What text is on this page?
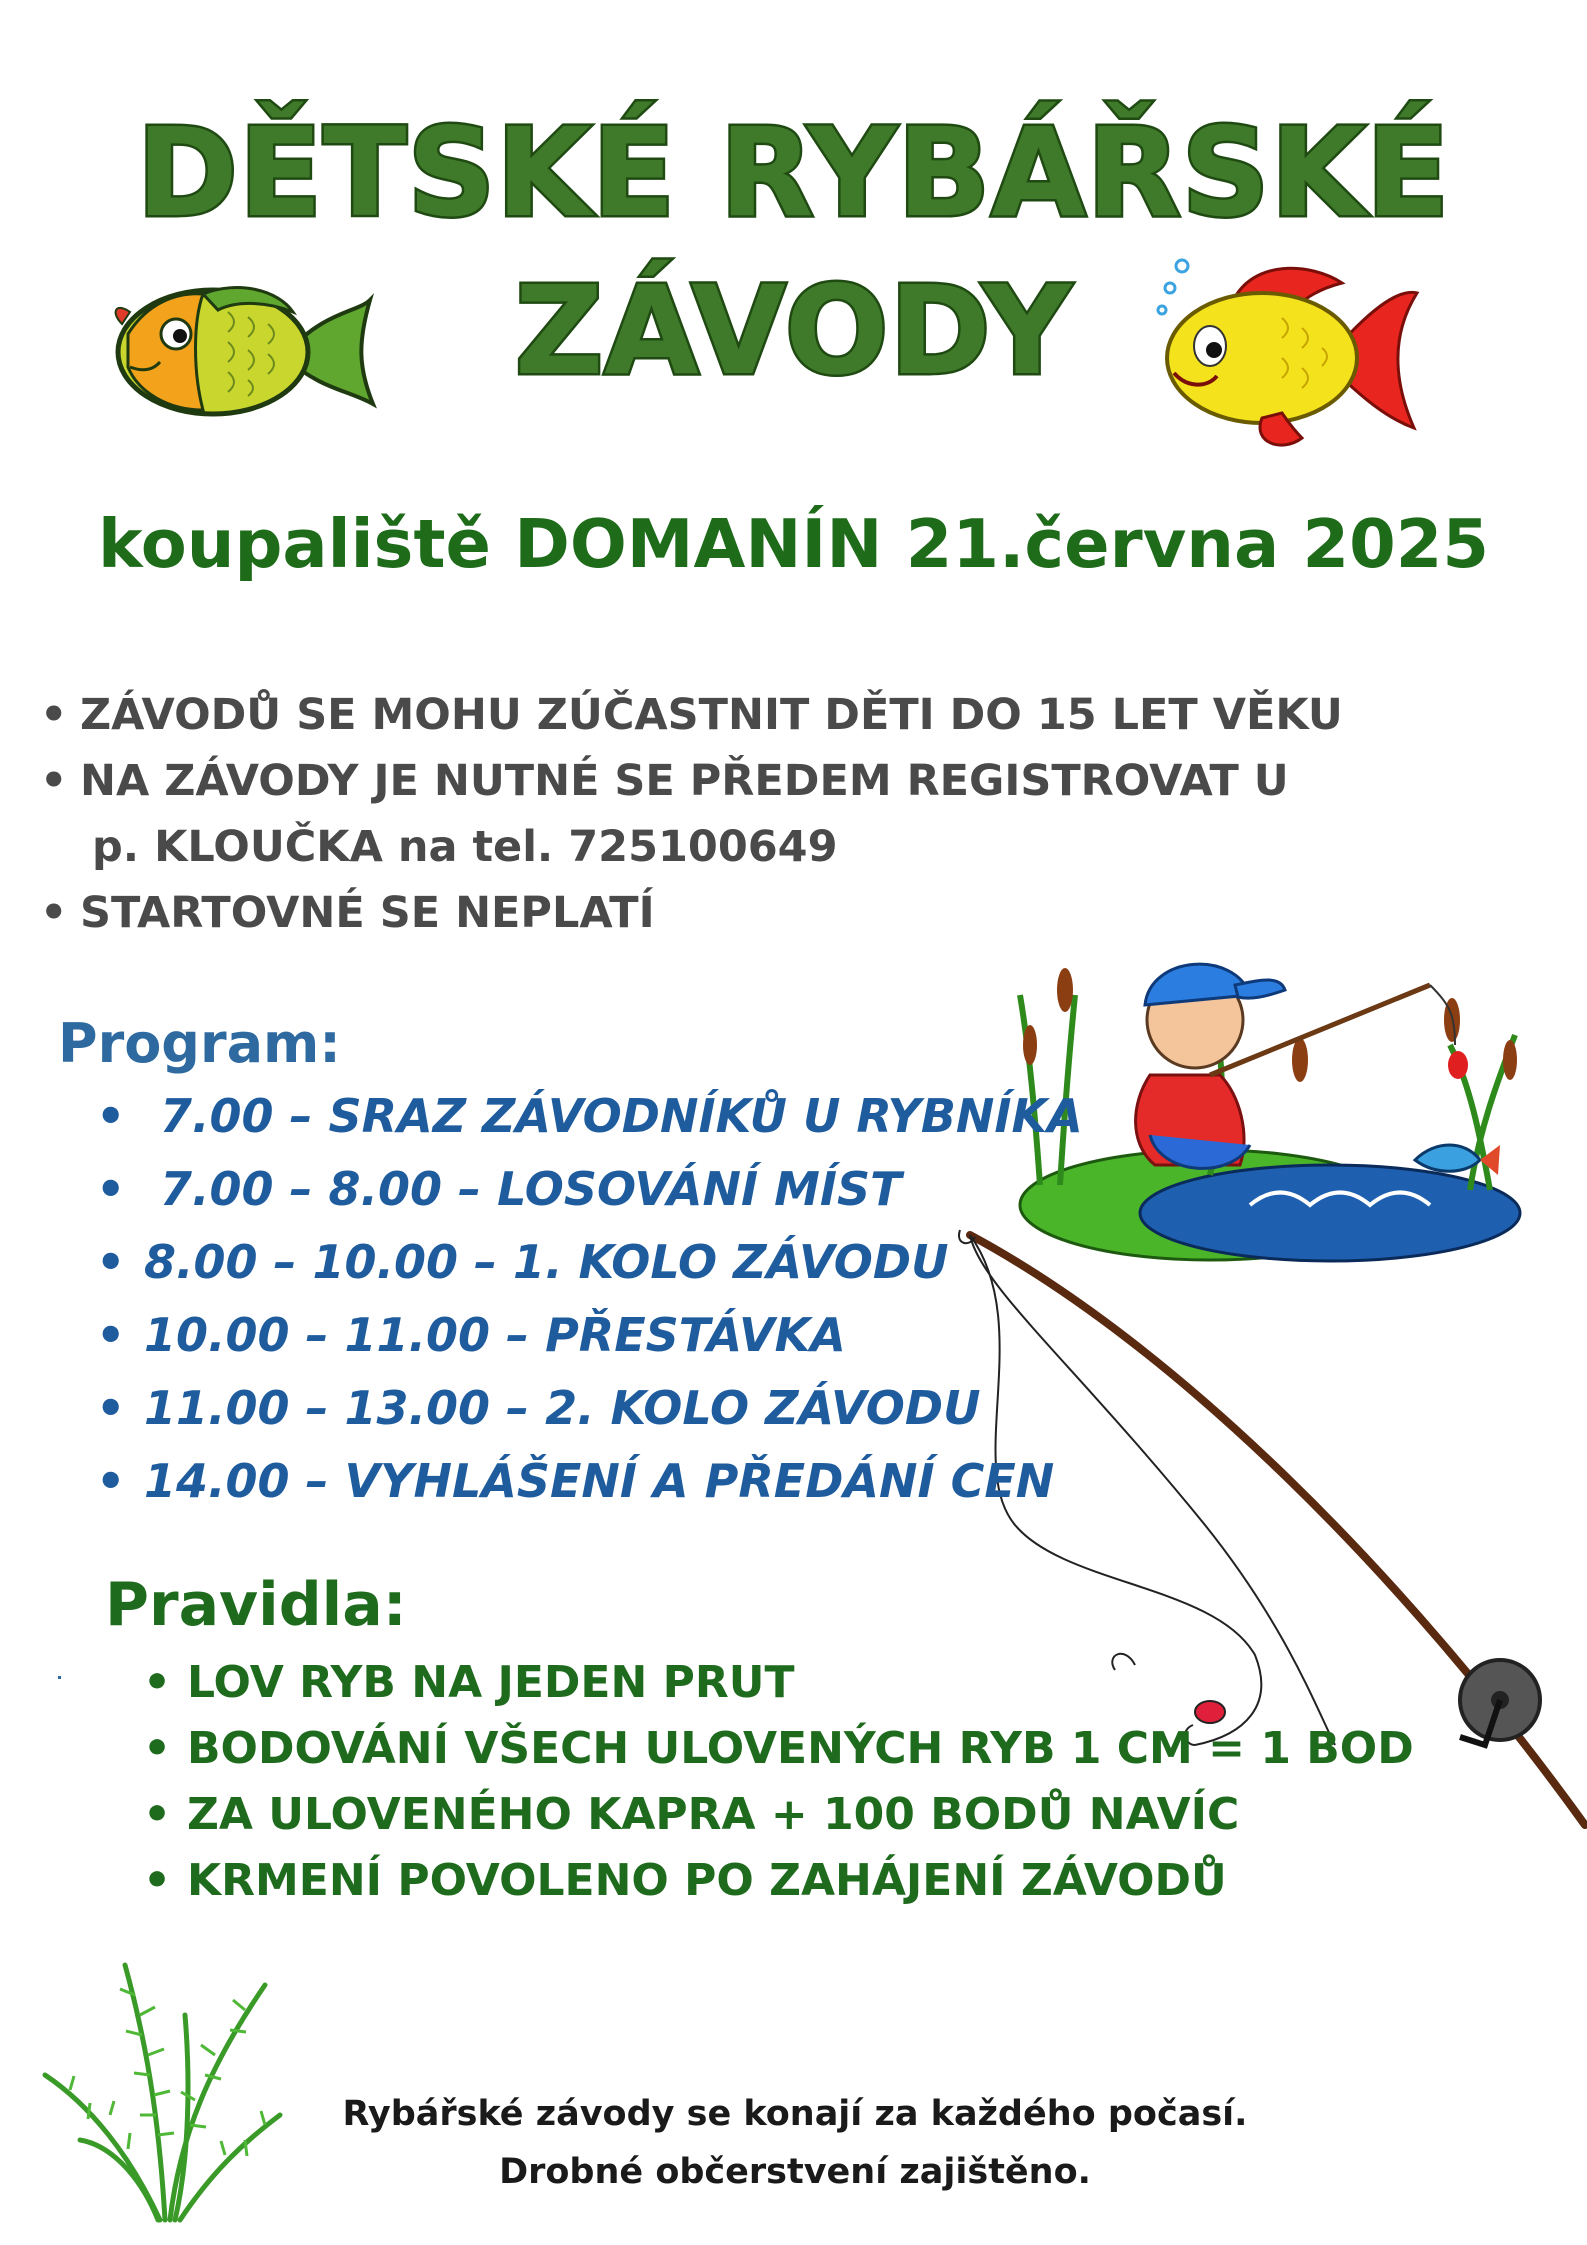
DĚTSKÉ RYBÁŘSKÉ
ZÁVODY
koupaliště DOMANÍN 21.června 2025
• ZÁVODŮ SE MOHU ZÚČASTNIT DĚTI DO 15 LET VĚKU
• NA ZÁVODY JE NUTNÉ SE PŘEDEM REGISTROVAT U
p. KLOUČKA na tel. 725100649
• STARTOVNÉ SE NEPLATÍ
Program:
• 7.00 – SRAZ ZÁVODNÍKŮ U RYBNÍKA
• 7.00 – 8.00 – LOSOVÁNÍ MÍST
• 8.00 – 10.00 – 1. KOLO ZÁVODU
• 10.00 – 11.00 – PŘESTÁVKA
• 11.00 – 13.00 – 2. KOLO ZÁVODU
• 14.00 – VYHLÁŠENÍ A PŘEDÁNÍ CEN
Pravidla:
• LOV RYB NA JEDEN PRUT
• BODOVÁNÍ VŠECH ULOVENÝCH RYB 1 CM = 1 BOD
• ZA ULOVENÉHO KAPRA + 100 BODŮ NAVÍC
• KRMENÍ POVOLENO PO ZAHÁJENÍ ZÁVODŮ
Rybářské závody se konají za každého počasí.
Drobné občerstvení zajištěno.
